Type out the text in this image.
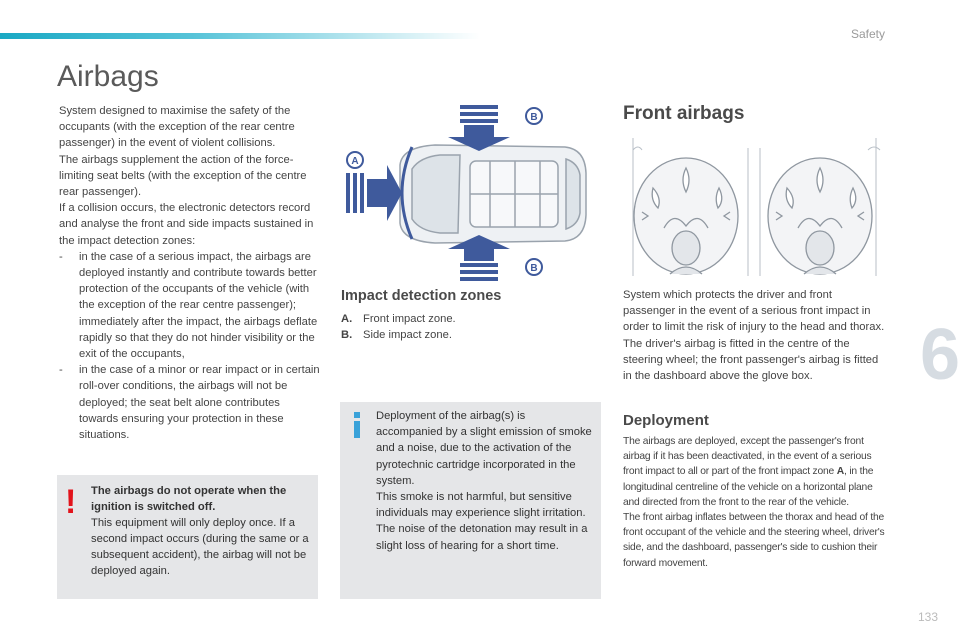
Safety
6
Airbags

System designed to maximise the safety of the occupants (with the exception of the rear centre passenger) in the event of violent collisions.

The airbags supplement the action of the force-limiting seat belts (with the exception of the centre rear passenger).

If a collision occurs, the electronic detectors record and analyse the front and side impacts sustained in the impact detection zones:

- in the case of a serious impact, the airbags are deployed instantly and contribute towards better protection of the occupants of the vehicle (with the exception of the rear centre passenger); immediately after the impact, the airbags deflate rapidly so that they do not hinder visibility or the exit of the occupants,

- in the case of a minor or rear impact or in certain roll-over conditions, the airbags will not be deployed; the seat belt alone contributes towards ensuring your protection in these situations.

! The airbags do not operate when the ignition is switched off.

This equipment will only deploy once. If a second impact occurs (during the same or a subsequent accident), the airbag will not be deployed again.

A
B
B
Impact detection zones
A. Front impact zone.
B. Side impact zone.

Deployment of the airbag(s) is accompanied by a slight emission of smoke and a noise, due to the activation of the pyrotechnic cartridge incorporated in the system.

This smoke is not harmful, but sensitive individuals may experience slight irritation.

The noise of the detonation may result in a slight loss of hearing for a short time.

Front airbags

System which protects the driver and front passenger in the event of a serious front impact in order to limit the risk of injury to the head and thorax.

The driver's airbag is fitted in the centre of the steering wheel; the front passenger's airbag is fitted in the dashboard above the glove box.

Deployment

The airbags are deployed, except the passenger's front airbag if it has been deactivated, in the event of a serious front impact to all or part of the front impact zone A, in the longitudinal centreline of the vehicle on a horizontal plane and directed from the front to the rear of the vehicle.

The front airbag inflates between the thorax and head of the front occupant of the vehicle and the steering wheel, driver's side, and the dashboard, passenger's side to cushion their forward movement.

133
